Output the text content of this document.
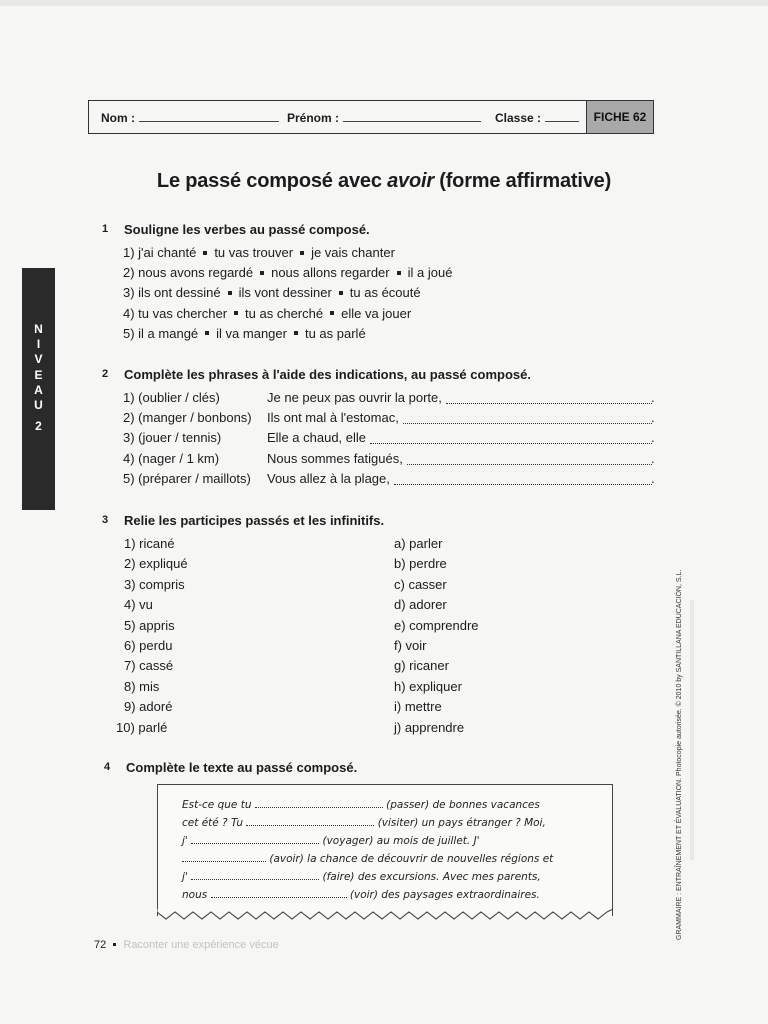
Nom :	Prénom :	Classe :	FICHE 62
Le passé composé avec avoir (forme affirmative)
N
I
V
E
A
U
2
1 Souligne les verbes au passé composé.
1) j'ai chanté tu vas trouver je vais chanter
2) nous avons regardé nous allons regarder il a joué
3) ils ont dessiné ils vont dessiner tu as écouté
4) tu vas chercher tu as cherché elle va jouer
5) il a mangé il va manger tu as parlé
2 Complète les phrases à l'aide des indications, au passé composé.
1) (oublier / clés)	Je ne peux pas ouvrir la porte,	.
2) (manger / bonbons) Ils ont mal à l'estomac,	.
3) (jouer / tennis)	Elle a chaud, elle	.
4) (nager / 1 km)	Nous sommes fatigués,	.
5) (préparer / maillots) Vous allez à la plage,	.
3 Relie les participes passés et les infinitifs.
1) ricané	a) parler
2) expliqué	b) perdre
3) compris	c) casser
4) vu	d) adorer
5) appris	e) comprendre
6) perdu	f) voir
7) cassé	g) ricaner
8) mis	h) expliquer
9) adoré	i) mettre
10) parlé	j) apprendre
4 Complète le texte au passé composé.
Est-ce que tu	(passer) de bonnes vacances
cet été ? Tu	(visiter) un pays étranger ? Moi,
j'	(voyager) au mois de juillet. J'
(avoir) la chance de découvrir de nouvelles régions et
j'	(faire) des excursions. Avec mes parents,
nous	(voir) des paysages extraordinaires.
72 Raconter une expérience vécue
GRAMMAIRE : ENTRAÎNEMENT ET ÉVALUATION. Photocopie autorisée. © 2010 by SANTILLANA EDUCACIÓN, S.L.
